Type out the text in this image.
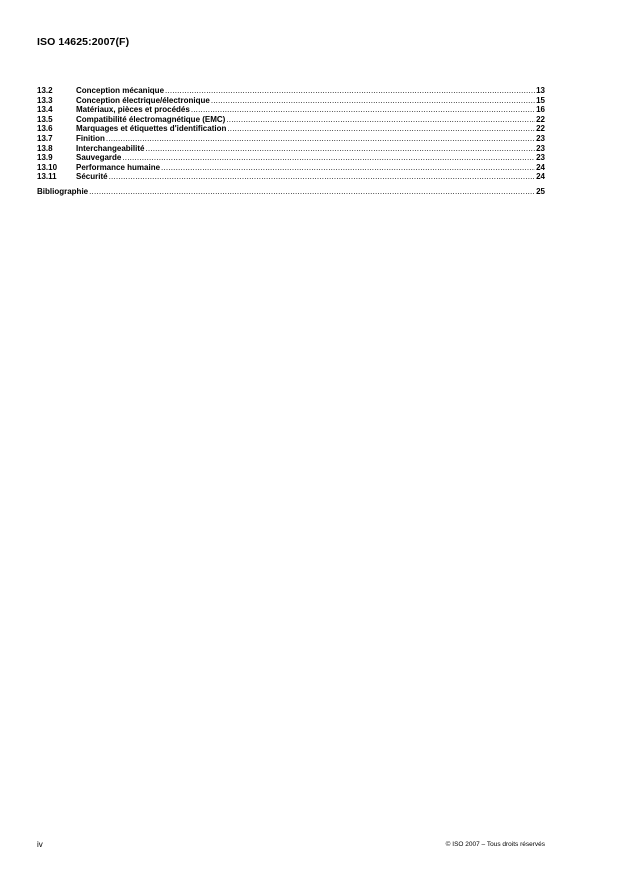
ISO 14625:2007(F)
13.2	Conception mécanique .....	13
13.3	Conception électrique/électronique .....	15
13.4	Matériaux, pièces et procédés .....	16
13.5	Compatibilité électromagnétique (EMC) .....	22
13.6	Marquages et étiquettes d'identification .....	22
13.7	Finition .....	23
13.8	Interchangeabilité .....	23
13.9	Sauvegarde .....	23
13.10	Performance humaine .....	24
13.11	Sécurité .....	24
Bibliographie .....	25
iv	© ISO 2007 – Tous droits réservés
